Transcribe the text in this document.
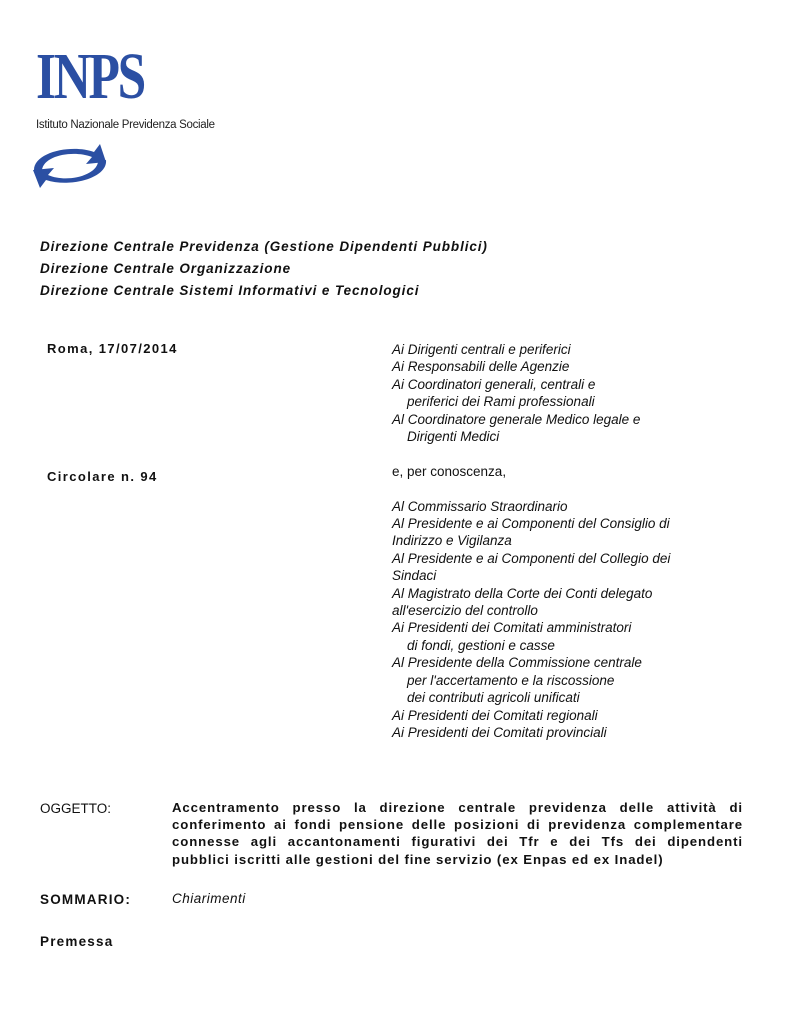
INPS
Istituto Nazionale Previdenza Sociale
Direzione Centrale Previdenza (Gestione Dipendenti Pubblici)
Direzione Centrale Organizzazione
Direzione Centrale Sistemi Informativi e Tecnologici
Roma, 17/07/2014
Circolare n. 94
Ai Dirigenti centrali e periferici
Ai Responsabili delle Agenzie
Ai Coordinatori generali, centrali e
periferici dei Rami professionali
Al Coordinatore generale Medico legale e
Dirigenti Medici
e, per conoscenza,
Al Commissario Straordinario
Al Presidente e ai Componenti del Consiglio di
Indirizzo e Vigilanza
Al Presidente e ai Componenti del Collegio dei
Sindaci
Al Magistrato della Corte dei Conti delegato
all'esercizio del controllo
Ai Presidenti dei Comitati amministratori
di fondi, gestioni e casse
Al Presidente della Commissione centrale
per l'accertamento e la riscossione
dei contributi agricoli unificati
Ai Presidenti dei Comitati regionali
Ai Presidenti dei Comitati provinciali
OGGETTO:	Accentramento presso la direzione centrale previdenza delle attività di conferimento ai fondi pensione delle posizioni di previdenza complementare connesse agli accantonamenti figurativi dei Tfr e dei Tfs dei dipendenti pubblici iscritti alle gestioni del fine servizio (ex Enpas ed ex Inadel)
SOMMARIO:	Chiarimenti
Premessa
